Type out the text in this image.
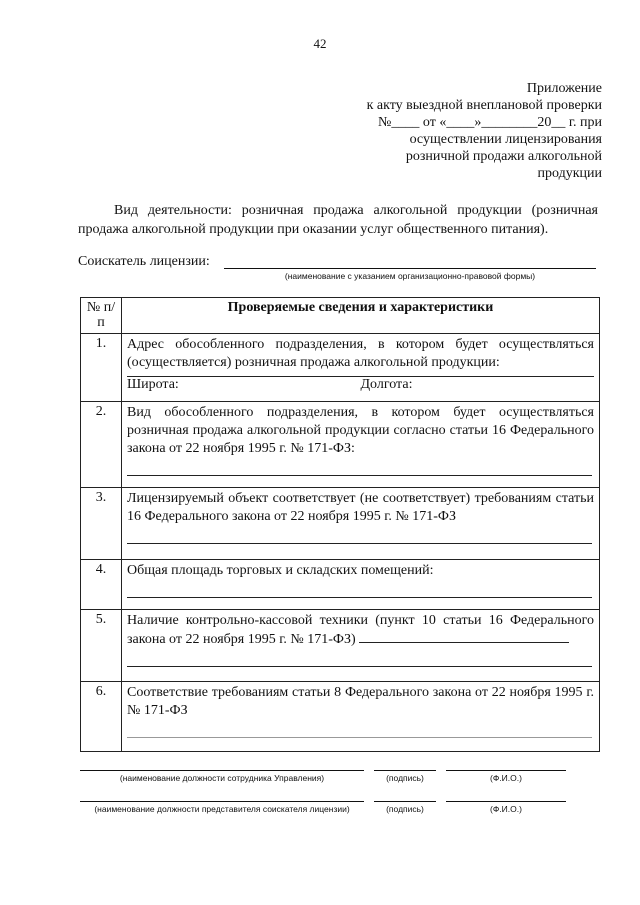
42
Приложение
к акту выездной внеплановой проверки
№____ от «____»________20__ г. при
осуществлении лицензирования
розничной продажи алкогольной
продукции
Вид деятельности: розничная продажа алкогольной продукции (розничная продажа алкогольной продукции при оказании услуг общественного питания).
Соискатель лицензии:
(наименование с указанием организационно-правовой формы)
№ п/п	Проверяемые сведения и характеристики
1.	Адрес обособленного подразделения, в котором будет осуществляться (осуществляется) розничная продажа алкогольной продукции:
Широта: Долгота:

2.	Вид обособленного подразделения, в котором будет осуществляться розничная продажа алкогольной продукции согласно статьи 16 Федерального закона от 22 ноября 1995 г. № 171-ФЗ:

3.	Лицензируемый объект соответствует (не соответствует) требованиям статьи 16 Федерального закона от 22 ноября 1995 г. № 171-ФЗ

4.	Общая площадь торговых и складских помещений:

5.	Наличие контрольно-кассовой техники (пункт 10 статьи 16 Федерального закона от 22 ноября 1995 г. № 171-ФЗ)

6.	Соответствие требованиям статьи 8 Федерального закона от 22 ноября 1995 г. № 171-ФЗ
(наименование должности сотрудника Управления)	(подпись)	(Ф.И.О.)
(наименование должности представителя соискателя лицензии)	(подпись)	(Ф.И.О.)
